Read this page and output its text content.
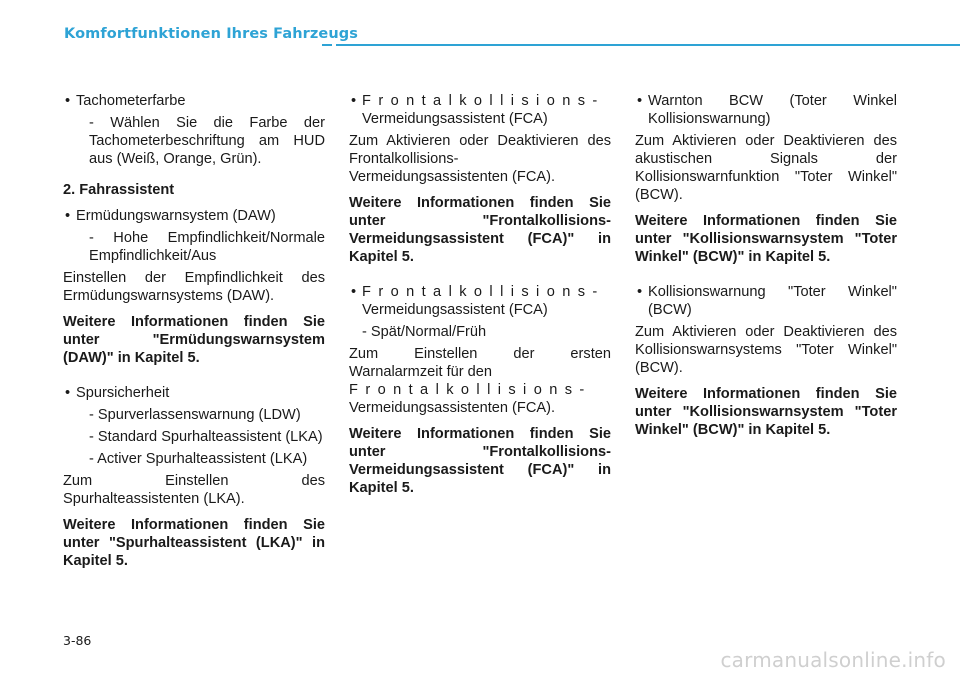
Komfortfunktionen Ihres Fahrzeugs
• Tachometerfarbe
- Wählen Sie die Farbe der Tachometerbeschriftung am HUD aus (Weiß, Orange, Grün).

2. Fahrassistent

• Ermüdungswarnsystem (DAW)
- Hohe Empfindlichkeit/Normale Empfindlichkeit/Aus

Einstellen der Empfindlichkeit des Ermüdungswarnsystems (DAW).

Weitere Informationen finden Sie unter "Ermüdungswarnsystem (DAW)" in Kapitel 5.

• Spursicherheit
- Spurverlassenswarnung (LDW)
- Standard Spurhalteassistent (LKA)
- Activer Spurhalteassistent (LKA)

Zum Einstellen des Spurhalteassistenten (LKA).

Weitere Informationen finden Sie unter "Spurhalteassistent (LKA)" in Kapitel 5.

• Frontalkollisions-
Vermeidungsassistent (FCA)

Zum Aktivieren oder Deaktivieren des Frontalkollisions-Vermeidungsassistenten (FCA).

Weitere Informationen finden Sie unter "Frontalkollisions-Vermeidungsassistent (FCA)" in Kapitel 5.

• Frontalkollisions-
Vermeidungsassistent (FCA)
- Spät/Normal/Früh

Zum Einstellen der ersten Warnalarmzeit für den
Frontalkollisions-
Vermeidungsassistenten (FCA).

Weitere Informationen finden Sie unter "Frontalkollisions-Vermeidungsassistent (FCA)" in Kapitel 5.

• Warnton BCW (Toter Winkel Kollisionswarnung)

Zum Aktivieren oder Deaktivieren des akustischen Signals der Kollisionswarnfunktion "Toter Winkel" (BCW).

Weitere Informationen finden Sie unter "Kollisionswarnsystem "Toter Winkel" (BCW)" in Kapitel 5.

• Kollisionswarnung "Toter Winkel" (BCW)

Zum Aktivieren oder Deaktivieren des Kollisionswarnsystems "Toter Winkel" (BCW).

Weitere Informationen finden Sie unter "Kollisionswarnsystem "Toter Winkel" (BCW)" in Kapitel 5.

3-86
carmanualsonline.info
